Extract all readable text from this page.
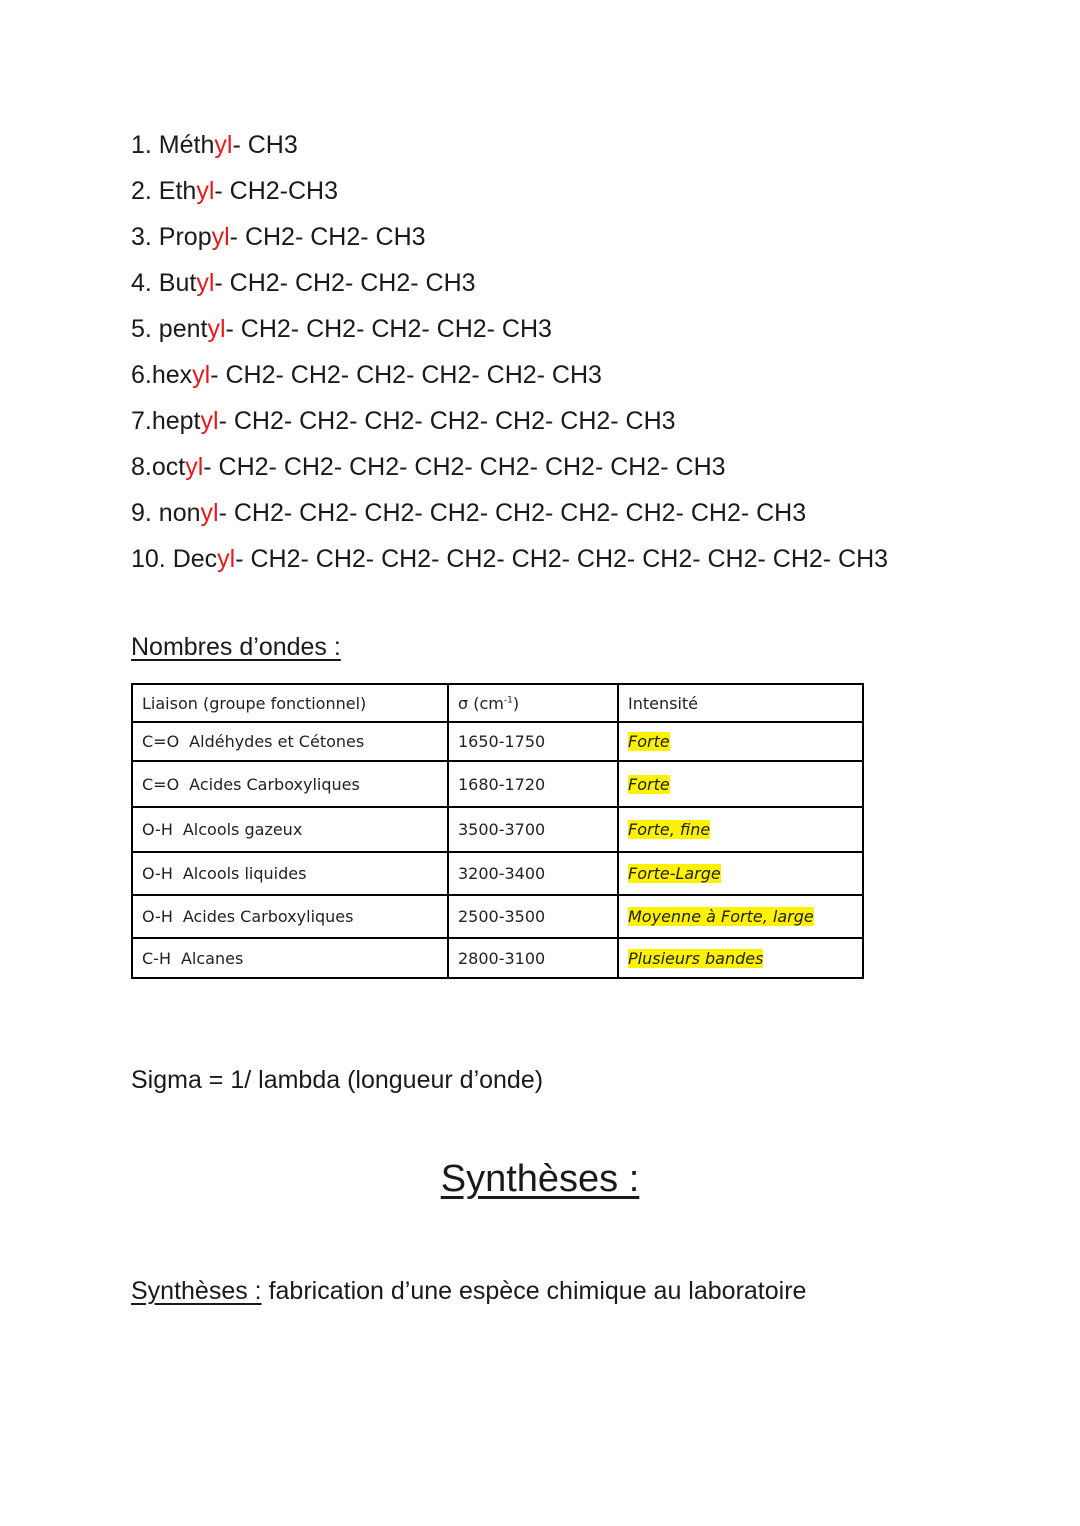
1. Méthyl- CH3
2. Ethyl- CH2-CH3
3. Propyl- CH2- CH2- CH3
4. Butyl- CH2- CH2- CH2- CH3
5. pentyl- CH2- CH2- CH2- CH2- CH3
6.hexyl- CH2- CH2- CH2- CH2- CH2- CH3
7.heptyl- CH2- CH2- CH2- CH2- CH2- CH2- CH3
8.octyl- CH2- CH2- CH2- CH2- CH2- CH2- CH2- CH3
9. nonyl- CH2- CH2- CH2- CH2- CH2- CH2- CH2- CH2- CH3
10. Decyl- CH2- CH2- CH2- CH2- CH2- CH2- CH2- CH2- CH2- CH3
Nombres d’ondes :
Liaison (groupe fonctionnel)	σ $(cm^{-1})$	Intensité
C=O Aldéhydes et Cétones	1650-1750	Forte
C=O Acides Carboxyliques	1680-1720	Forte
O-H Alcools gazeux	3500-3700	Forte, fine
O-H Alcools liquides	3200-3400	Forte-Large
O-H Acides Carboxyliques	2500-3500	Moyenne à Forte, large
C-H Alcanes	2800-3100	Plusieurs bandes
Sigma = 1/ lambda (longueur d’onde)
Synthèses :
Synthèses : fabrication d’une espèce chimique au laboratoire
